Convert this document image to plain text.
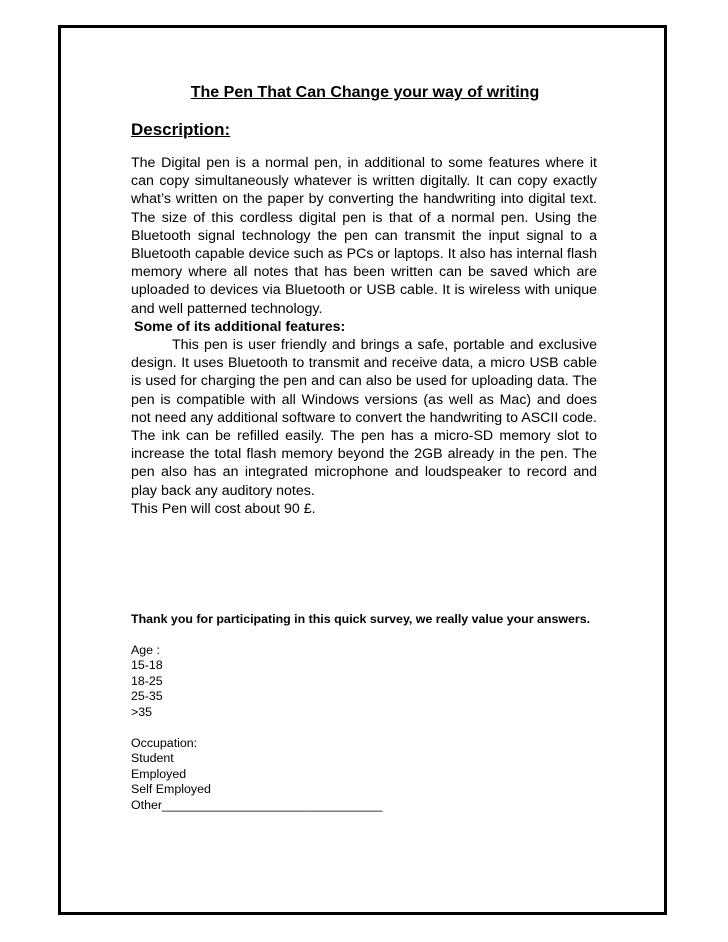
The Pen That Can Change your way of writing
Description:

The Digital pen is a normal pen, in additional to some features where it can copy simultaneously whatever is written digitally. It can copy exactly what’s written on the paper by converting the handwriting into digital text. The size of this cordless digital pen is that of a normal pen. Using the Bluetooth signal technology the pen can transmit the input signal to a Bluetooth capable device such as PCs or laptops. It also has internal flash memory where all notes that has been written can be saved which are uploaded to devices via Bluetooth or USB cable. It is wireless with unique and well patterned technology.

Some of its additional features:

This pen is user friendly and brings a safe, portable and exclusive design. It uses Bluetooth to transmit and receive data, a micro USB cable is used for charging the pen and can also be used for uploading data. The pen is compatible with all Windows versions (as well as Mac) and does not need any additional software to convert the handwriting to ASCII code. The ink can be refilled easily. The pen has a micro-SD memory slot to increase the total flash memory beyond the 2GB already in the pen. The pen also has an integrated microphone and loudspeaker to record and play back any auditory notes.

This Pen will cost about 90 £.

Thank you for participating in this quick survey, we really value your answers.

Age :
15-18
18-25
25-35
>35
Occupation:
Student
Employed
Self Employed
Other________________________________
